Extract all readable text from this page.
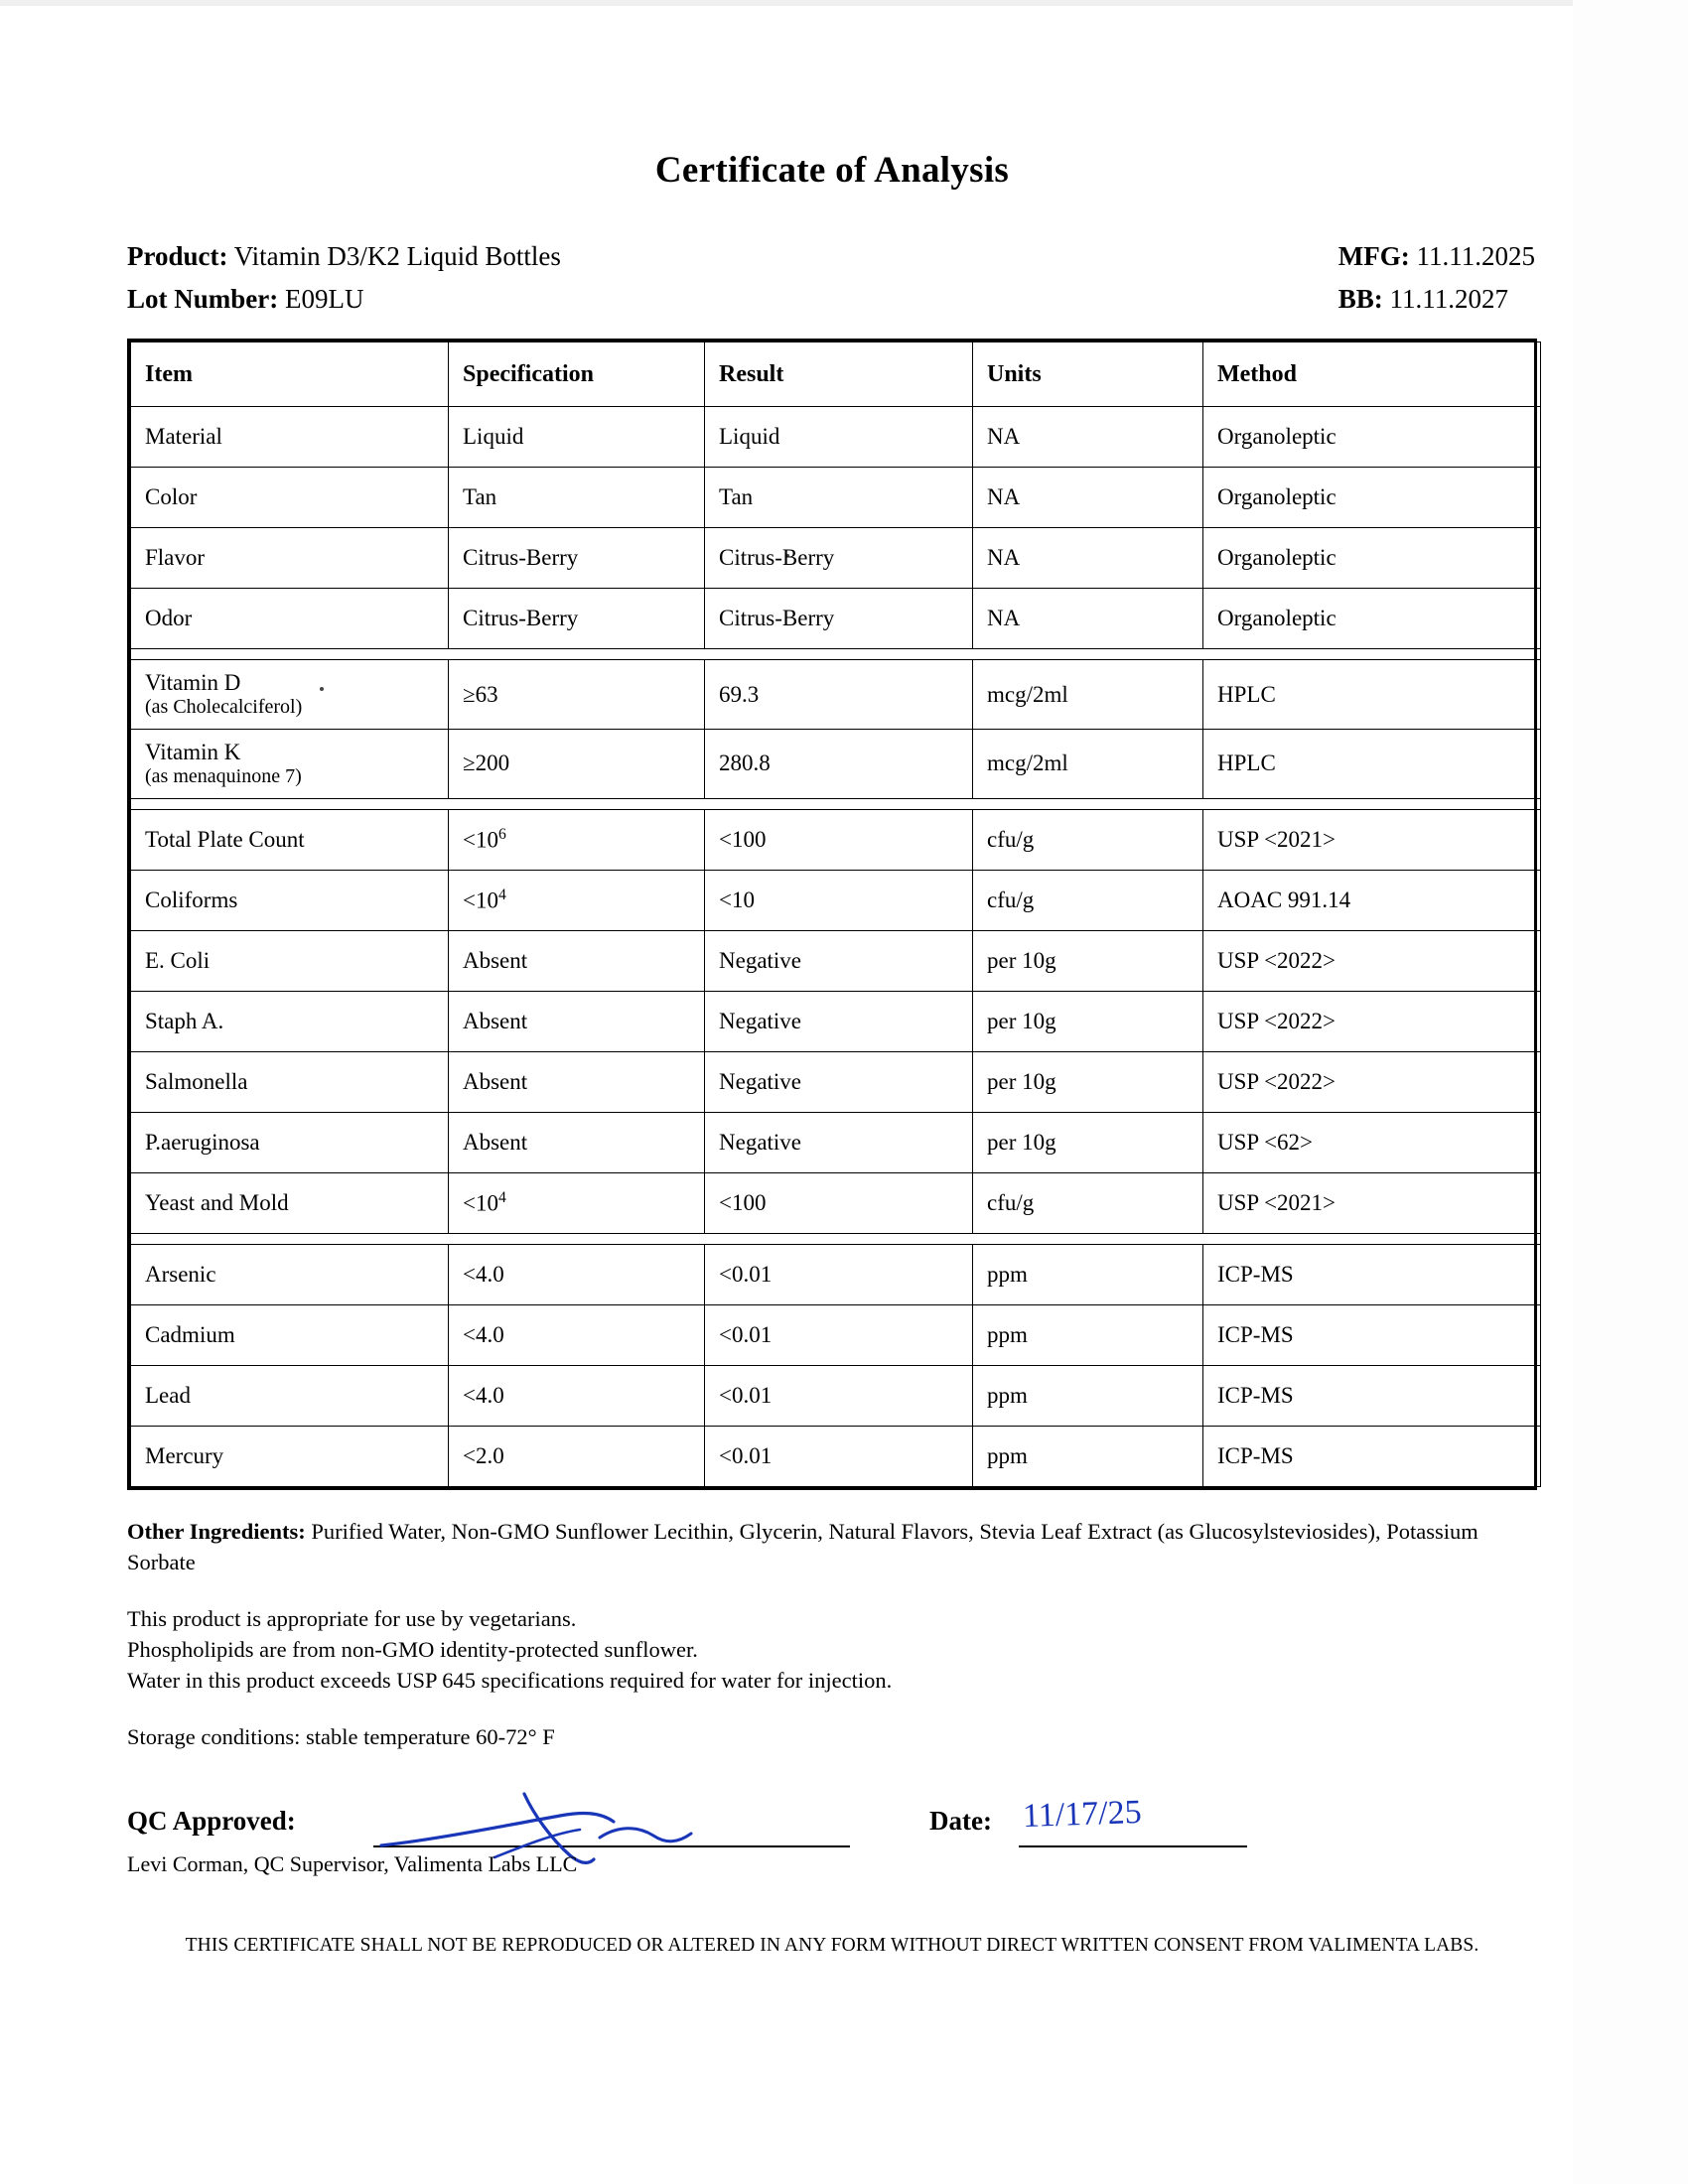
Certificate of Analysis
Product: Vitamin D3/K2 Liquid Bottles
Lot Number: E09LU
MFG: 11.11.2025
BB: 11.11.2027
Item	Specification	Result	Units	Method
Material	Liquid	Liquid	NA	Organoleptic
Color	Tan	Tan	NA	Organoleptic
Flavor	Citrus-Berry	Citrus-Berry	NA	Organoleptic
Odor	Citrus-Berry	Citrus-Berry	NA	Organoleptic

Vitamin D
(as Cholecalciferol)	≥63	69.3	mcg/2ml	HPLC
Vitamin K
(as menaquinone 7)	≥200	280.8	mcg/2ml	HPLC

Total Plate Count	$<10^6$	<100	cfu/g	USP <2021>
Coliforms	$<10^4$	<10	cfu/g	AOAC 991.14
E. Coli	Absent	Negative	per 10g	USP <2022>
Staph A.	Absent	Negative	per 10g	USP <2022>
Salmonella	Absent	Negative	per 10g	USP <2022>
P.aeruginosa	Absent	Negative	per 10g	USP <62>
Yeast and Mold	$<10^4$	<100	cfu/g	USP <2021>

Arsenic	<4.0	<0.01	ppm	ICP-MS
Cadmium	<4.0	<0.01	ppm	ICP-MS
Lead	<4.0	<0.01	ppm	ICP-MS
Mercury	<2.0	<0.01	ppm	ICP-MS

Other Ingredients: Purified Water, Non-GMO Sunflower Lecithin, Glycerin, Natural Flavors, Stevia Leaf Extract (as Glucosylsteviosides), Potassium Sorbate

This product is appropriate for use by vegetarians.

Phospholipids are from non-GMO identity-protected sunflower.

Water in this product exceeds USP 645 specifications required for water for injection.

Storage conditions: stable temperature 60-72° F

QC Approved:
Levi Corman, QC Supervisor, Valimenta Labs LLC
Date: 11/17/25
THIS CERTIFICATE SHALL NOT BE REPRODUCED OR ALTERED IN ANY FORM WITHOUT DIRECT WRITTEN CONSENT FROM VALIMENTA LABS.
